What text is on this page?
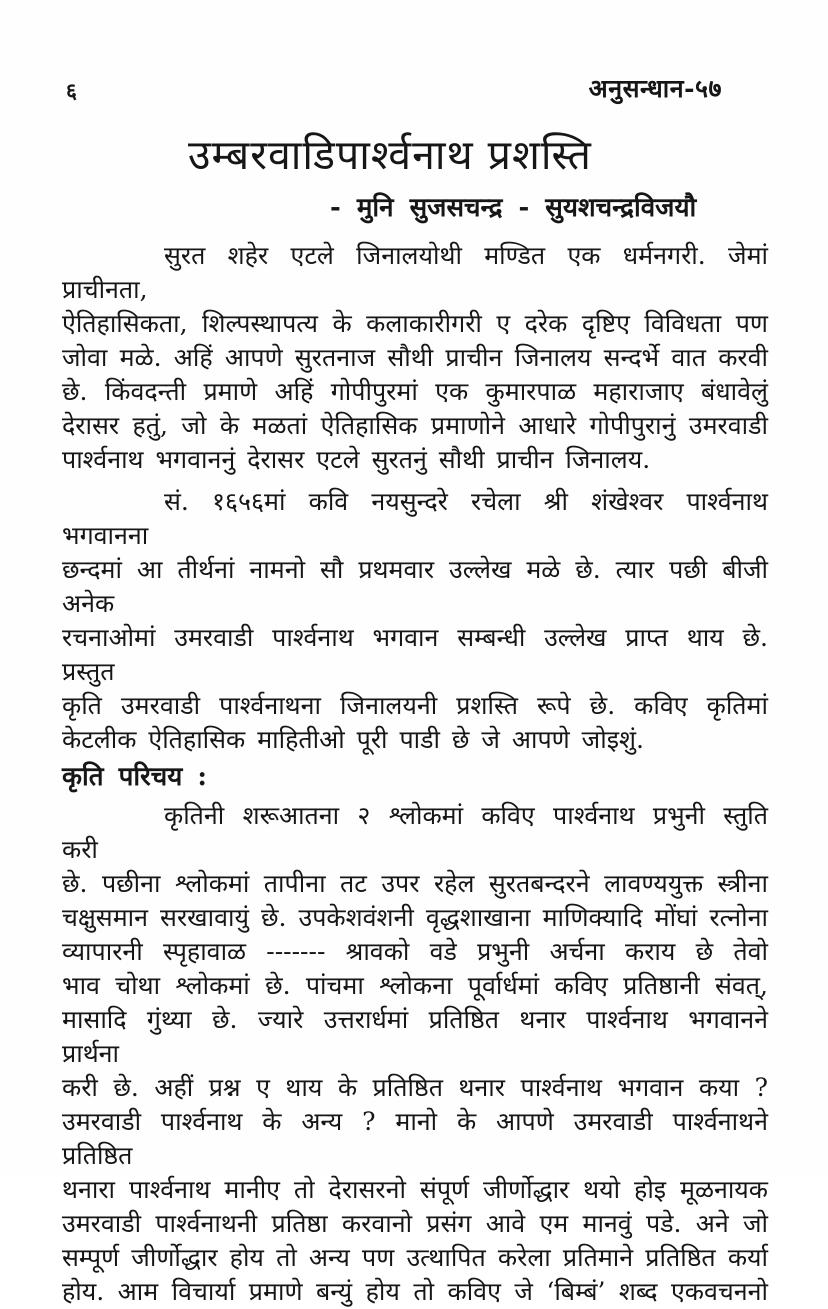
६	अनुसन्धान-५७
उम्बरवाडिपार्श्वनाथ प्रशस्ति
- मुनि सुजसचन्द्र - सुयशचन्द्रविजयौ
सुरत शहेर एटले जिनालयोथी मण्डित एक धर्मनगरी. जेमां प्राचीनता,
ऐतिहासिकता, शिल्पस्थापत्य के कलाकारीगरी ए दरेक दृष्टिए विविधता पण
जोवा मळे. अहिं आपणे सुरतनाज सौथी प्राचीन जिनालय सन्दर्भे वात करवी
छे. किंवदन्ती प्रमाणे अहिं गोपीपुरमां एक कुमारपाळ महाराजाए बंधावेलुं
देरासर हतुं, जो के मळतां ऐतिहासिक प्रमाणोने आधारे गोपीपुरानुं उमरवाडी
पार्श्वनाथ भगवाननुं देरासर एटले सुरतनुं सौथी प्राचीन जिनालय.
सं. १६५६मां कवि नयसुन्दरे रचेला श्री शंखेश्वर पार्श्वनाथ भगवानना
छन्दमां आ तीर्थनां नामनो सौ प्रथमवार उल्लेख मळे छे. त्यार पछी बीजी अनेक
रचनाओमां उमरवाडी पार्श्वनाथ भगवान सम्बन्धी उल्लेख प्राप्त थाय छे. प्रस्तुत
कृति उमरवाडी पार्श्वनाथना जिनालयनी प्रशस्ति रूपे छे. कविए कृतिमां
केटलीक ऐतिहासिक माहितीओ पूरी पाडी छे जे आपणे जोइशुं.
कृति परिचय :
कृतिनी शरूआतना २ श्लोकमां कविए पार्श्वनाथ प्रभुनी स्तुति करी
छे. पछीना श्लोकमां तापीना तट उपर रहेल सुरतबन्दरने लावण्ययुक्त स्त्रीना
चक्षुसमान सरखावायुं छे. उपकेशवंशनी वृद्धशाखाना माणिक्यादि मोंघां रत्नोना
व्यापारनी स्पृहावाळ ------- श्रावको वडे प्रभुनी अर्चना कराय छे तेवो
भाव चोथा श्लोकमां छे. पांचमा श्लोकना पूर्वार्धमां कविए प्रतिष्ठानी संवत्,
मासादि गुंथ्या छे. ज्यारे उत्तरार्धमां प्रतिष्ठित थनार पार्श्वनाथ भगवानने प्रार्थना
करी छे. अहीं प्रश्न ए थाय के प्रतिष्ठित थनार पार्श्वनाथ भगवान कया ?
उमरवाडी पार्श्वनाथ के अन्य ? मानो के आपणे उमरवाडी पार्श्वनाथने प्रतिष्ठित
थनारा पार्श्वनाथ मानीए तो देरासरनो संपूर्ण जीर्णोद्धार थयो होइ मूळनायक
उमरवाडी पार्श्वनाथनी प्रतिष्ठा करवानो प्रसंग आवे एम मानवुं पडे. अने जो
सम्पूर्ण जीर्णोद्धार होय तो अन्य पण उत्थापित करेला प्रतिमाने प्रतिष्ठित कर्या
होय. आम विचार्या प्रमाणे बन्युं होय तो कविए जे ‘बिम्बं’ शब्द एकवचननो
